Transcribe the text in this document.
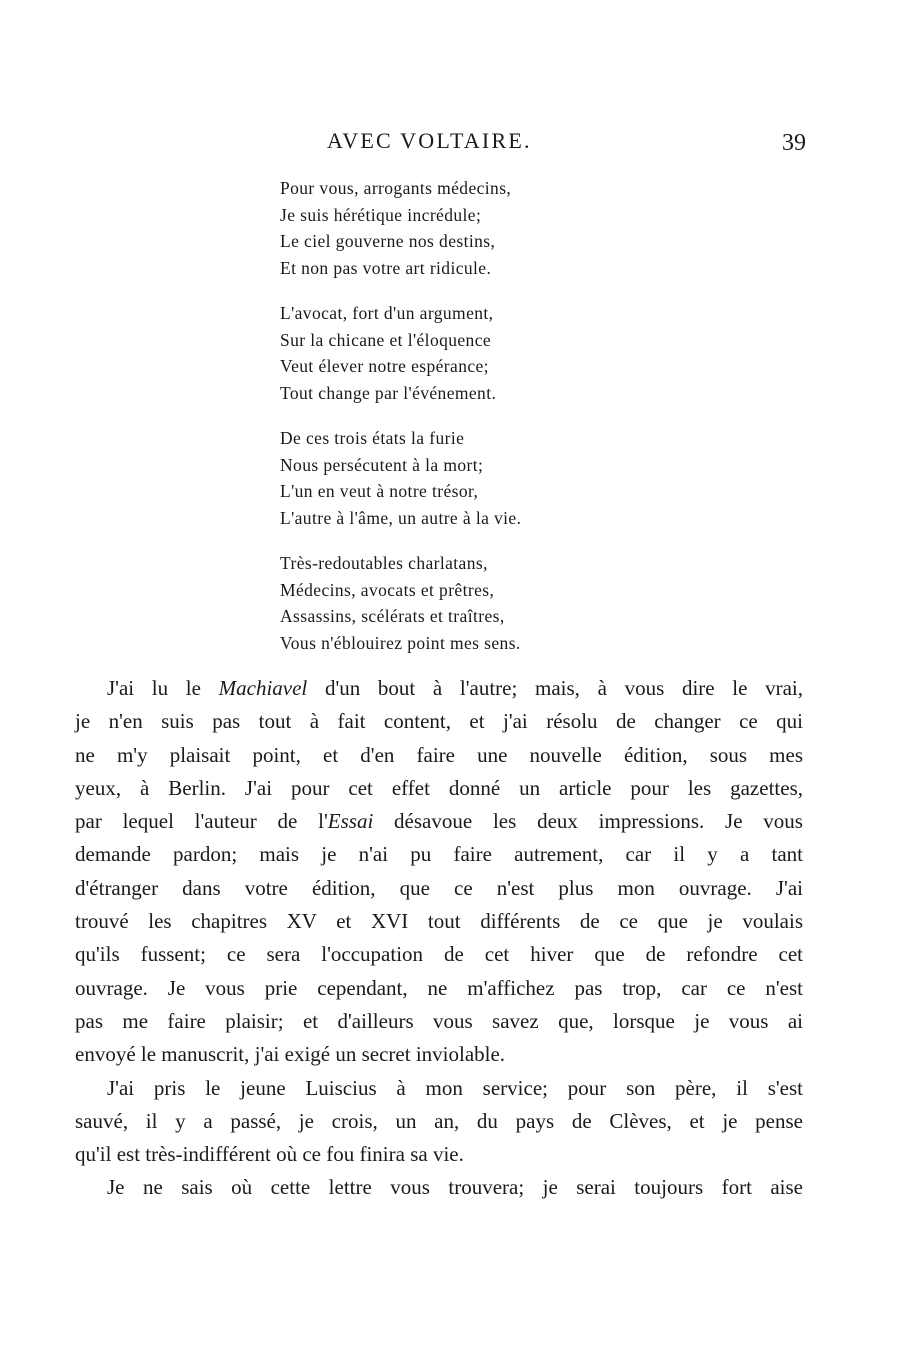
AVEC VOLTAIRE.	39
Pour vous, arrogants médecins,
Je suis hérétique incrédule;
Le ciel gouverne nos destins,
Et non pas votre art ridicule.
L'avocat, fort d'un argument,
Sur la chicane et l'éloquence
Veut élever notre espérance;
Tout change par l'événement.
De ces trois états la furie
Nous persécutent à la mort;
L'un en veut à notre trésor,
L'autre à l'âme, un autre à la vie.
Très-redoutables charlatans,
Médecins, avocats et prêtres,
Assassins, scélérats et traîtres,
Vous n'éblouirez point mes sens.
J'ai lu le Machiavel d'un bout à l'autre; mais, à vous dire le vrai,
je n'en suis pas tout à fait content, et j'ai résolu de changer ce qui
ne m'y plaisait point, et d'en faire une nouvelle édition, sous mes
yeux, à Berlin. J'ai pour cet effet donné un article pour les gazettes,
par lequel l'auteur de l'Essai désavoue les deux impressions. Je vous
demande pardon; mais je n'ai pu faire autrement, car il y a tant
d'étranger dans votre édition, que ce n'est plus mon ouvrage. J'ai
trouvé les chapitres XV et XVI tout différents de ce que je voulais
qu'ils fussent; ce sera l'occupation de cet hiver que de refondre cet
ouvrage. Je vous prie cependant, ne m'affichez pas trop, car ce n'est
pas me faire plaisir; et d'ailleurs vous savez que, lorsque je vous ai
envoyé le manuscrit, j'ai exigé un secret inviolable.
J'ai pris le jeune Luiscius à mon service; pour son père, il s'est
sauvé, il y a passé, je crois, un an, du pays de Clèves, et je pense
qu'il est très-indifférent où ce fou finira sa vie.
Je ne sais où cette lettre vous trouvera; je serai toujours fort aise
